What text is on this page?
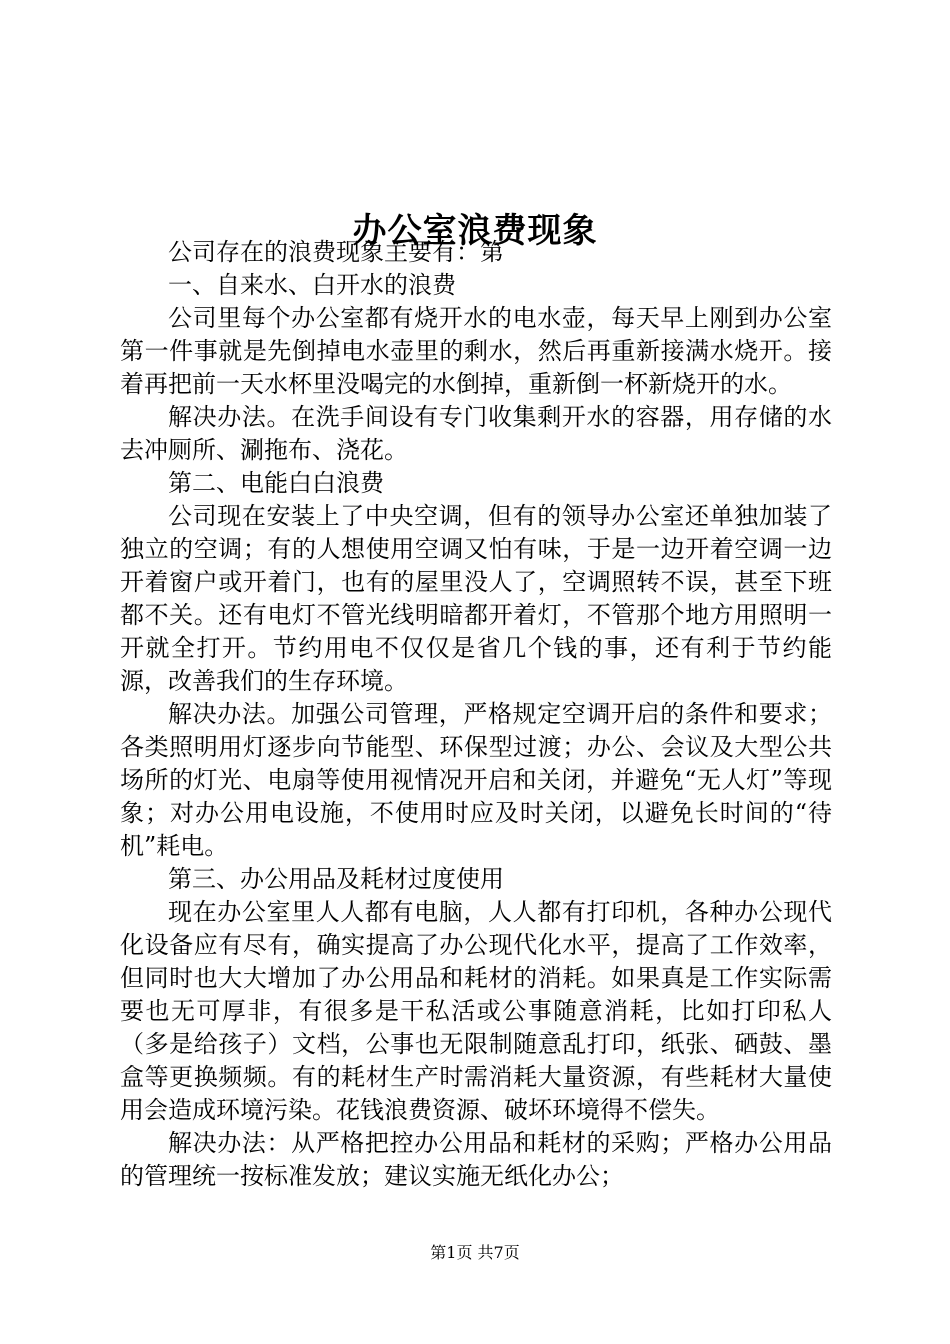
办公室浪费现象

公司存在的浪费现象主要有：第

一、自来水、白开水的浪费

公司里每个办公室都有烧开水的电水壶，每天早上刚到办公室第一件事就是先倒掉电水壶里的剩水，然后再重新接满水烧开。接着再把前一天水杯里没喝完的水倒掉，重新倒一杯新烧开的水。

解决办法。在洗手间设有专门收集剩开水的容器，用存储的水去冲厕所、涮拖布、浇花。

第二、电能白白浪费

公司现在安装上了中央空调，但有的领导办公室还单独加装了独立的空调；有的人想使用空调又怕有味，于是一边开着空调一边开着窗户或开着门，也有的屋里没人了，空调照转不误，甚至下班都不关。还有电灯不管光线明暗都开着灯，不管那个地方用照明一开就全打开。节约用电不仅仅是省几个钱的事，还有利于节约能源，改善我们的生存环境。

解决办法。加强公司管理，严格规定空调开启的条件和要求；各类照明用灯逐步向节能型、环保型过渡；办公、会议及大型公共场所的灯光、电扇等使用视情况开启和关闭，并避免“无人灯”等现象；对办公用电设施，不使用时应及时关闭，以避免长时间的“待机”耗电。

第三、办公用品及耗材过度使用

现在办公室里人人都有电脑，人人都有打印机，各种办公现代化设备应有尽有，确实提高了办公现代化水平，提高了工作效率，但同时也大大增加了办公用品和耗材的消耗。如果真是工作实际需要也无可厚非，有很多是干私活或公事随意消耗，比如打印私人（多是给孩子）文档，公事也无限制随意乱打印，纸张、硒鼓、墨盒等更换频频。有的耗材生产时需消耗大量资源，有些耗材大量使用会造成环境污染。花钱浪费资源、破坏环境得不偿失。

解决办法：从严格把控办公用品和耗材的采购；严格办公用品的管理统一按标准发放；建议实施无纸化办公；

第1页 共7页
